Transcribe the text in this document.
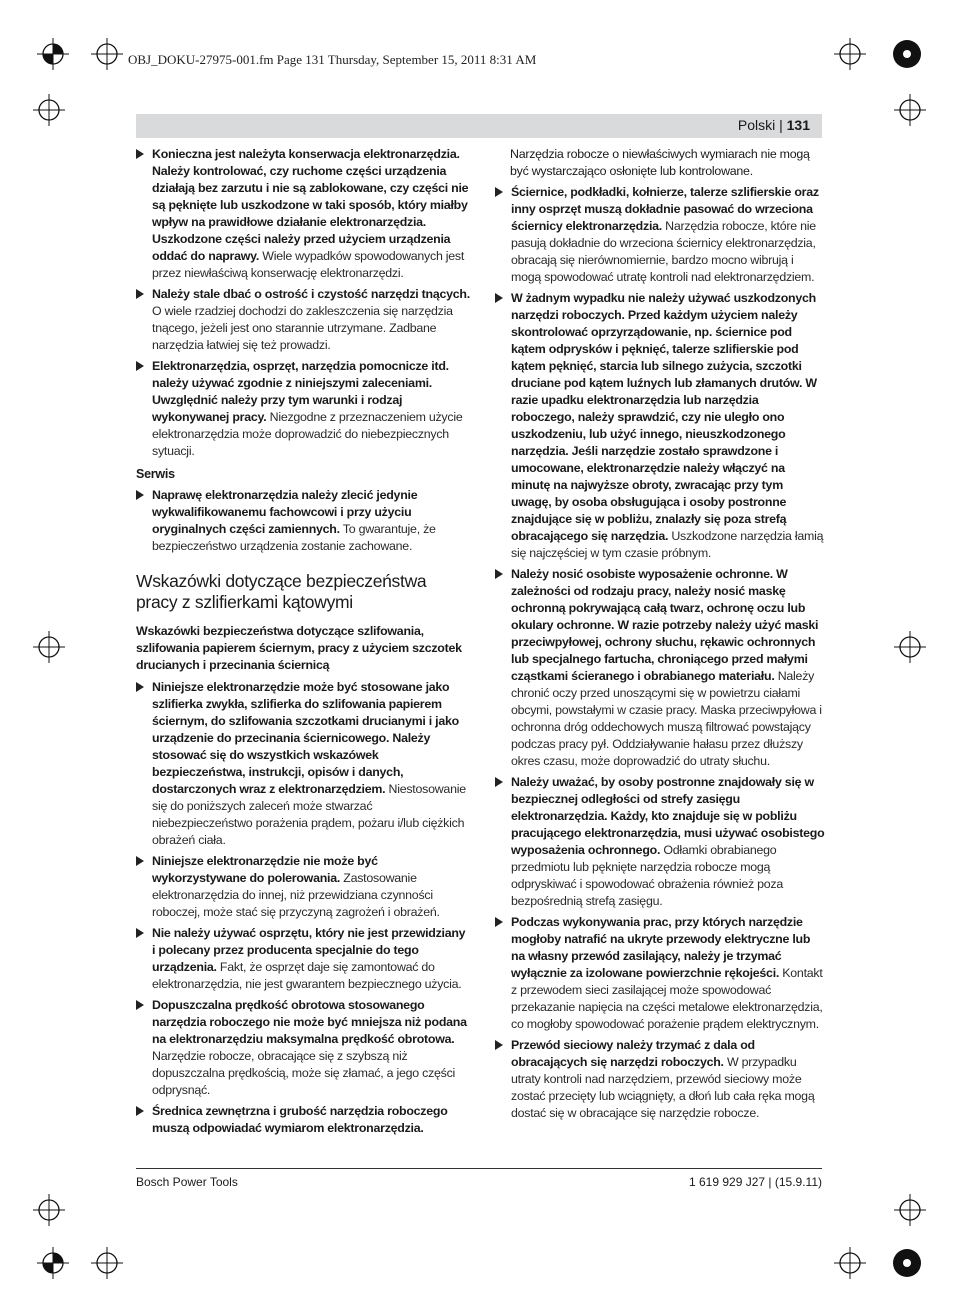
OBJ_DOKU-27975-001.fm Page 131 Thursday, September 15, 2011 8:31 AM
Polski | 131
Konieczna jest należyta konserwacja elektronarzędzia. Należy kontrolować, czy ruchome części urządzenia działają bez zarzutu i nie są zablokowane, czy części nie są pęknięte lub uszkodzone w taki sposób, który miałby wpływ na prawidłowe działanie elektronarzędzia. Uszkodzone części należy przed użyciem urządzenia oddać do naprawy. Wiele wypadków spowodowanych jest przez niewłaściwą konserwację elektronarzędzi.
Należy stale dbać o ostrość i czystość narzędzi tnących. O wiele rzadziej dochodzi do zakleszczenia się narzędzia tnącego, jeżeli jest ono starannie utrzymane. Zadbane narzędzia łatwiej się też prowadzi.
Elektronarzędzia, osprzęt, narzędzia pomocnicze itd. należy używać zgodnie z niniejszymi zaleceniami. Uwzględnić należy przy tym warunki i rodzaj wykonywanej pracy. Niezgodne z przeznaczeniem użycie elektronarzędzia może doprowadzić do niebezpiecznych sytuacji.
Serwis
Naprawę elektronarzędzia należy zlecić jedynie wykwalifikowanemu fachowcowi i przy użyciu oryginalnych części zamiennych. To gwarantuje, że bezpieczeństwo urządzenia zostanie zachowane.
Wskazówki dotyczące bezpieczeństwa pracy z szlifierkami kątowymi
Wskazówki bezpieczeństwa dotyczące szlifowania, szlifowania papierem ściernym, pracy z użyciem szczotek drucianych i przecinania ściernicą
Niniejsze elektronarzędzie może być stosowane jako szlifierka zwykła, szlifierka do szlifowania papierem ściernym, do szlifowania szczotkami drucianymi i jako urządzenie do przecinania ściernicowego. Należy stosować się do wszystkich wskazówek bezpieczeństwa, instrukcji, opisów i danych, dostarczonych wraz z elektronarzędziem. Niestosowanie się do poniższych zaleceń może stwarzać niebezpieczeństwo porażenia prądem, pożaru i/lub ciężkich obrażeń ciała.
Niniejsze elektronarzędzie nie może być wykorzystywane do polerowania. Zastosowanie elektronarzędzia do innej, niż przewidziana czynności roboczej, może stać się przyczyną zagrożeń i obrażeń.
Nie należy używać osprzętu, który nie jest przewidziany i polecany przez producenta specjalnie do tego urządzenia. Fakt, że osprzęt daje się zamontować do elektronarzędzia, nie jest gwarantem bezpiecznego użycia.
Dopuszczalna prędkość obrotowa stosowanego narzędzia roboczego nie może być mniejsza niż podana na elektronarzędziu maksymalna prędkość obrotowa. Narzędzie robocze, obracające się z szybszą niż dopuszczalna prędkością, może się złamać, a jego części odprysnąć.
Średnica zewnętrzna i grubość narzędzia roboczego muszą odpowiadać wymiarom elektronarzędzia.
Narzędzia robocze o niewłaściwych wymiarach nie mogą być wystarczająco osłonięte lub kontrolowane.
Ściernice, podkładki, kołnierze, talerze szlifierskie oraz inny osprzęt muszą dokładnie pasować do wrzeciona ściernicy elektronarzędzia. Narzędzia robocze, które nie pasują dokładnie do wrzeciona ściernicy elektronarzędzia, obracają się nierównomiernie, bardzo mocno wibrują i mogą spowodować utratę kontroli nad elektronarzędziem.
W żadnym wypadku nie należy używać uszkodzonych narzędzi roboczych. Przed każdym użyciem należy skontrolować oprzyrządowanie, np. ściernice pod kątem odprysków i pęknięć, talerze szlifierskie pod kątem pęknięć, starcia lub silnego zużycia, szczotki druciane pod kątem luźnych lub złamanych drutów. W razie upadku elektronarzędzia lub narzędzia roboczego, należy sprawdzić, czy nie uległo ono uszkodzeniu, lub użyć innego, nieuszkodzonego narzędzia. Jeśli narzędzie zostało sprawdzone i umocowane, elektronarzędzie należy włączyć na minutę na najwyższe obroty, zwracając przy tym uwagę, by osoba obsługująca i osoby postronne znajdujące się w pobliżu, znalazły się poza strefą obracającego się narzędzia. Uszkodzone narzędzia łamią się najczęściej w tym czasie próbnym.
Należy nosić osobiste wyposażenie ochronne. W zależności od rodzaju pracy, należy nosić maskę ochronną pokrywającą całą twarz, ochronę oczu lub okulary ochronne. W razie potrzeby należy użyć maski przeciwpyłowej, ochrony słuchu, rękawic ochronnych lub specjalnego fartucha, chroniącego przed małymi cząstkami ścieranego i obrabianego materiału. Należy chronić oczy przed unoszącymi się w powietrzu ciałami obcymi, powstałymi w czasie pracy. Maska przeciwpyłowa i ochronna dróg oddechowych muszą filtrować powstający podczas pracy pył. Oddziaływanie hałasu przez dłuższy okres czasu, może doprowadzić do utraty słuchu.
Należy uważać, by osoby postronne znajdowały się w bezpiecznej odległości od strefy zasięgu elektronarzędzia. Każdy, kto znajduje się w pobliżu pracującego elektronarzędzia, musi używać osobistego wyposażenia ochronnego. Odłamki obrabianego przedmiotu lub pęknięte narzędzia robocze mogą odpryskiwać i spowodować obrażenia również poza bezpośrednią strefą zasięgu.
Podczas wykonywania prac, przy których narzędzie mogłoby natrafić na ukryte przewody elektryczne lub na własny przewód zasilający, należy je trzymać wyłącznie za izolowane powierzchnie rękojeści. Kontakt z przewodem sieci zasilającej może spowodować przekazanie napięcia na części metalowe elektronarzędzia, co mogłoby spowodować porażenie prądem elektrycznym.
Przewód sieciowy należy trzymać z dala od obracających się narzędzi roboczych. W przypadku utraty kontroli nad narzędziem, przewód sieciowy może zostać przecięty lub wciągnięty, a dłoń lub cała ręka mogą dostać się w obracające się narzędzie robocze.
Bosch Power Tools	1 619 929 J27 | (15.9.11)
